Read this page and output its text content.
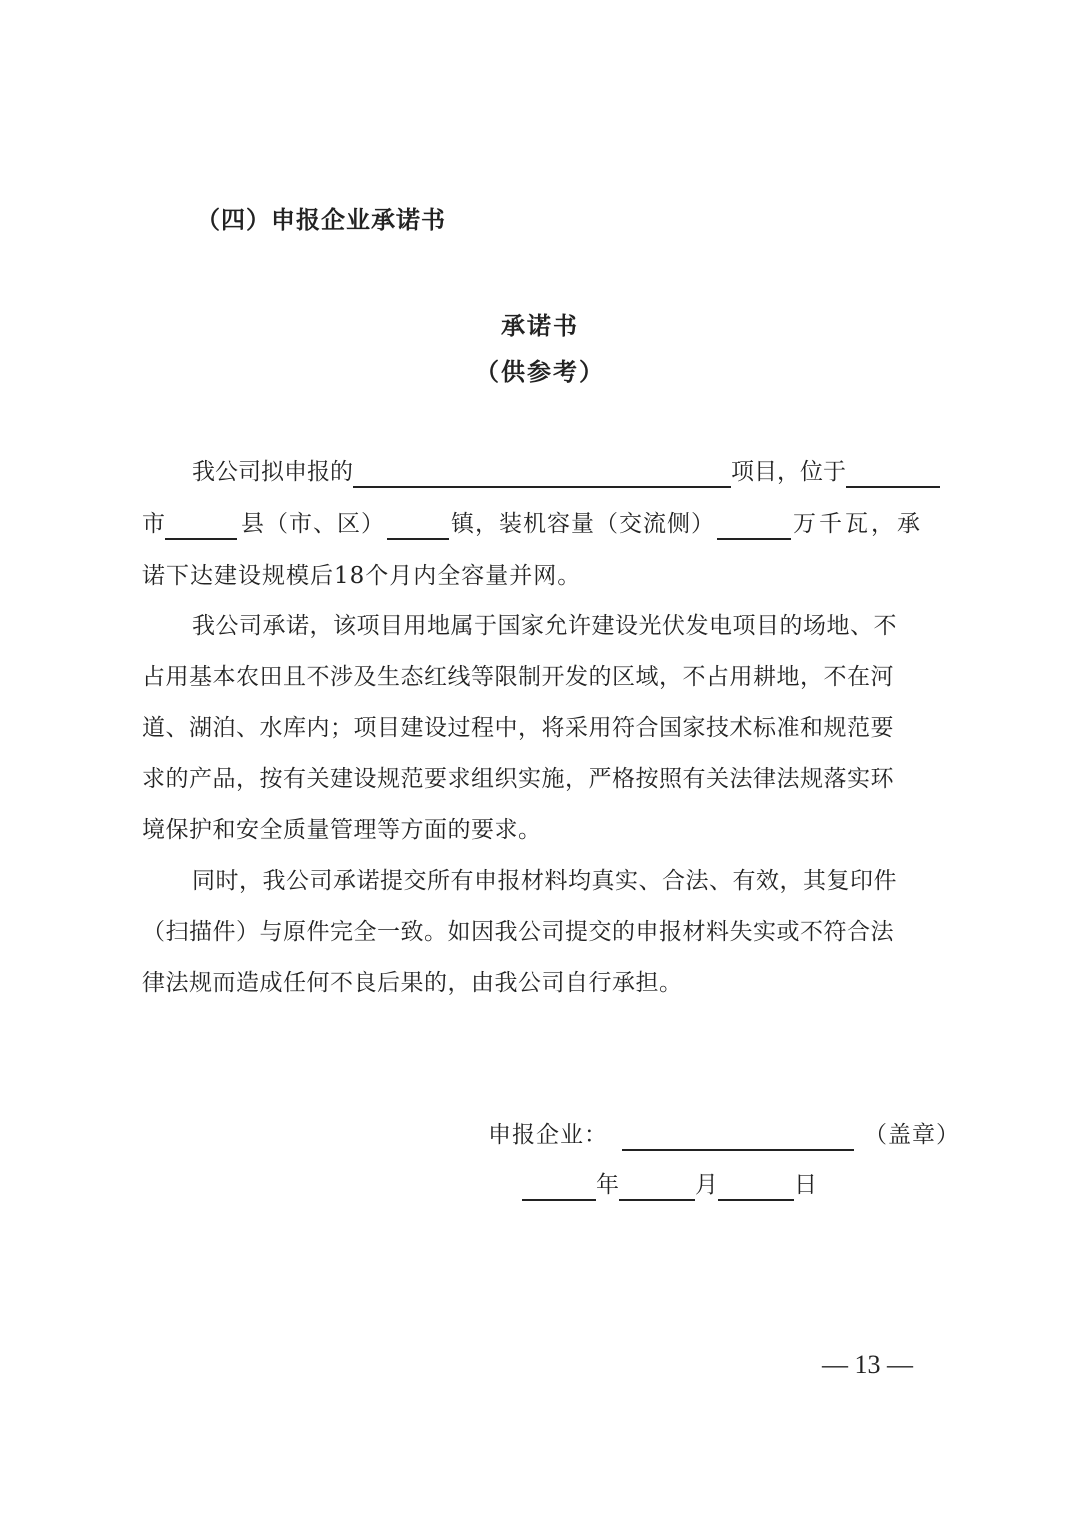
（四）申报企业承诺书
承诺书
（供参考）
我公司拟申报的	项目，位于
市	县（市、区）	镇，装机容量（交流侧）	万千瓦，承
诺下达建设规模后18个月内全容量并网。
我公司承诺，该项目用地属于国家允许建设光伏发电项目的场地、不
占用基本农田且不涉及生态红线等限制开发的区域，不占用耕地，不在河
道、湖泊、水库内；项目建设过程中，将采用符合国家技术标准和规范要
求的产品，按有关建设规范要求组织实施，严格按照有关法律法规落实环
境保护和安全质量管理等方面的要求。
同时，我公司承诺提交所有申报材料均真实、合法、有效，其复印件
（扫描件）与原件完全一致。如因我公司提交的申报材料失实或不符合法
律法规而造成任何不良后果的，由我公司自行承担。
申报企业：	（盖章）
年	月	日
— 13 —
